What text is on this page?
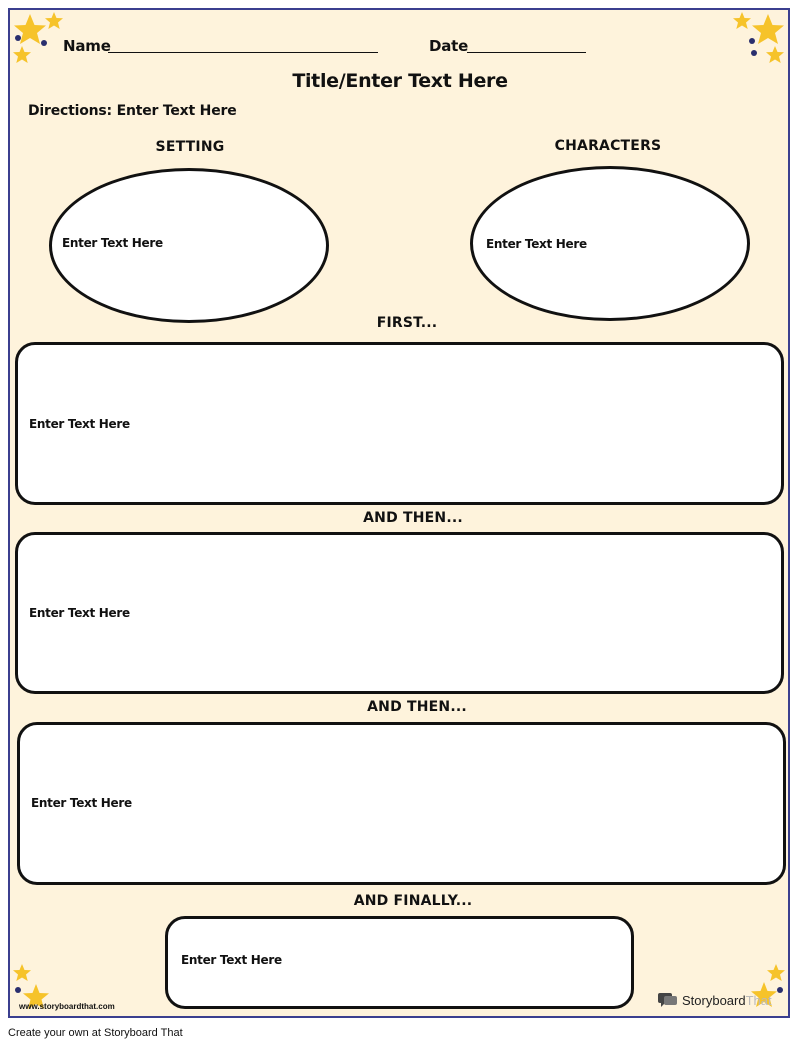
Name	Date
Title/Enter Text Here
Directions: Enter Text Here
SETTING	CHARACTERS
Enter Text Here	Enter Text Here
FIRST...
Enter Text Here
AND THEN...
Enter Text Here
AND THEN...
Enter Text Here
AND FINALLY...
Enter Text Here
www.storyboardthat.com	StoryboardThat
Create your own at Storyboard That
